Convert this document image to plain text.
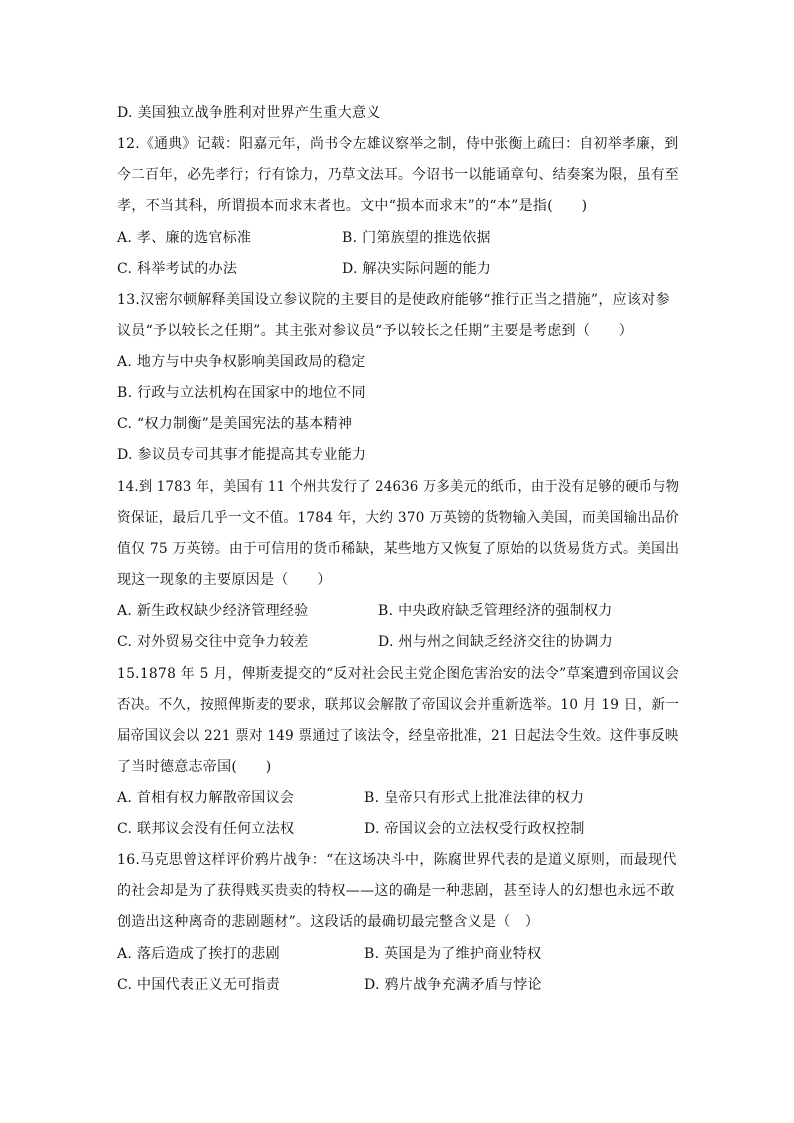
D. 美国独立战争胜利对世界产生重大意义
12.《通典》记载：阳嘉元年，尚书令左雄议察举之制，侍中张衡上疏曰：自初举孝廉，到
今二百年，必先孝行；行有馀力，乃草文法耳。今诏书一以能诵章句、结奏案为限，虽有至
孝，不当其科，所谓损本而求末者也。文中“损本而求末”的“本”是指(　　)
A. 孝、廉的选官标准	B. 门第族望的推选依据
C. 科举考试的办法	D. 解决实际问题的能力
13.汉密尔顿解释美国设立参议院的主要目的是使政府能够“推行正当之措施”，应该对参
议员“予以较长之任期”。其主张对参议员“予以较长之任期”主要是考虑到（　　）
A. 地方与中央争权影响美国政局的稳定
B. 行政与立法机构在国家中的地位不同
C. “权力制衡”是美国宪法的基本精神
D. 参议员专司其事才能提高其专业能力
14.到 1783 年，美国有 11 个州共发行了 24636 万多美元的纸币，由于没有足够的硬币与物
资保证，最后几乎一文不值。1784 年，大约 370 万英镑的货物输入美国，而美国输出品价
值仅 75 万英镑。由于可信用的货币稀缺，某些地方又恢复了原始的以货易货方式。美国出
现这一现象的主要原因是（　　）
A. 新生政权缺少经济管理经验	B. 中央政府缺乏管理经济的强制权力
C. 对外贸易交往中竞争力较差	D. 州与州之间缺乏经济交往的协调力
15.1878 年 5 月，俾斯麦提交的“反对社会民主党企图危害治安的法令”草案遭到帝国议会
否决。不久，按照俾斯麦的要求，联邦议会解散了帝国议会并重新选举。10 月 19 日，新一
届帝国议会以 221 票对 149 票通过了该法令，经皇帝批准，21 日起法令生效。这件事反映
了当时德意志帝国(　　)
A. 首相有权力解散帝国议会	B. 皇帝只有形式上批准法律的权力
C. 联邦议会没有任何立法权	D. 帝国议会的立法权受行政权控制
16.马克思曾这样评价鸦片战争：“在这场决斗中，陈腐世界代表的是道义原则，而最现代
的社会却是为了获得贱买贵卖的特权——这的确是一种悲剧，甚至诗人的幻想也永远不敢
创造出这种离奇的悲剧题材”。这段话的最确切最完整含义是（　）
A. 落后造成了挨打的悲剧	B. 英国是为了维护商业特权
C. 中国代表正义无可指责	D. 鸦片战争充满矛盾与悖论
